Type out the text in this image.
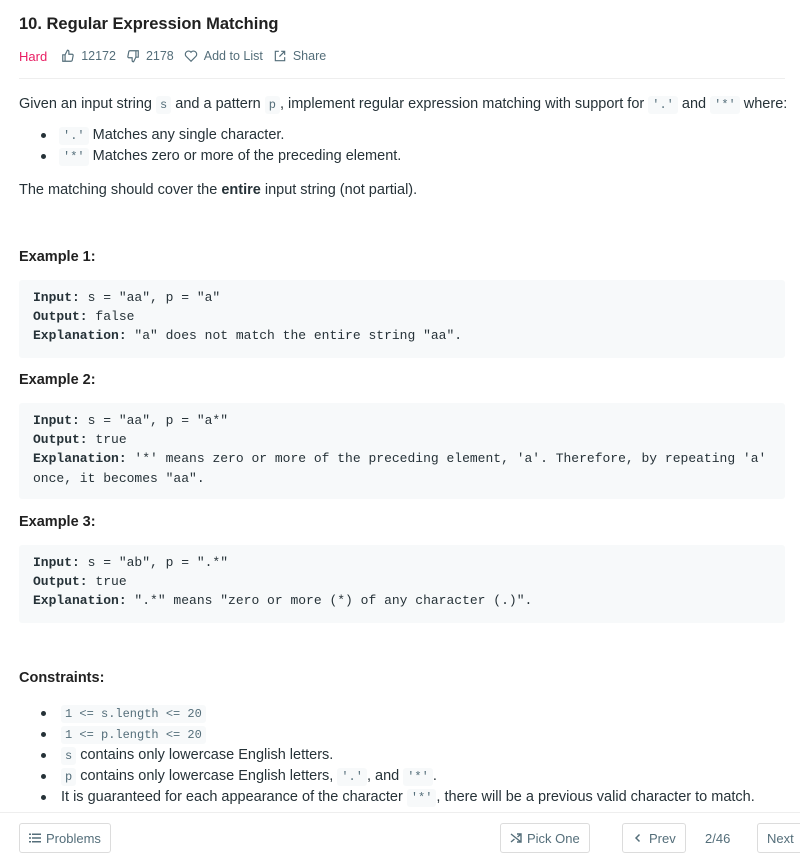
10. Regular Expression Matching
Hard	12172 2178 Add to List Share
Given an input string s and a pattern p , implement regular expression matching with support for '.' and '*' where:
'.' Matches any single character.
'*' Matches zero or more of the preceding element.
The matching should cover the entire input string (not partial).
Example 1:
Input: s = "aa", p = "a"
Output: false
Explanation: "a" does not match the entire string "aa".
Example 2:
Input: s = "aa", p = "a*"
Output: true
Explanation: '*' means zero or more of the preceding element, 'a'. Therefore, by repeating 'a'
once, it becomes "aa".
Example 3:
Input: s = "ab", p = ".*"
Output: true
Explanation: ".*" means "zero or more (*) of any character (.)".
Constraints:
1 <= s.length <= 20
1 <= p.length <= 20
s contains only lowercase English letters.
p contains only lowercase English letters, '.' , and '*' .
It is guaranteed for each appearance of the character '*' , there will be a previous valid character to match.
Problems	Pick One	Prev 2/46	Next
